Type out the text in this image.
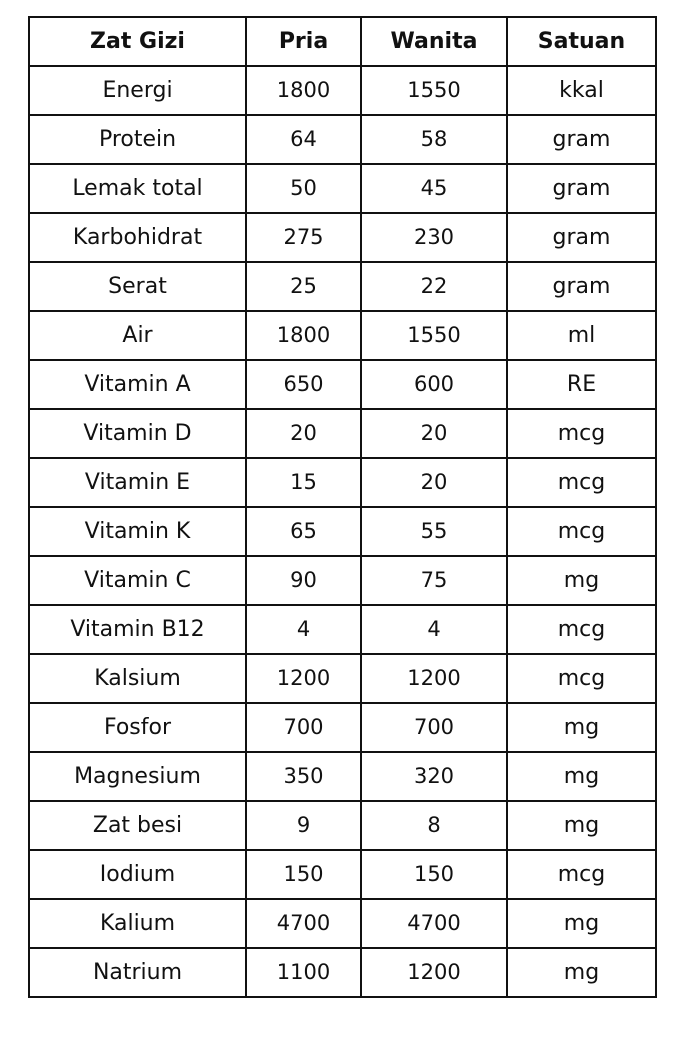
Zat Gizi	Pria	Wanita	Satuan
Energi	1800	1550	kkal
Protein	64	58	gram
Lemak total	50	45	gram
Karbohidrat	275	230	gram
Serat	25	22	gram
Air	1800	1550	ml
Vitamin A	650	600	RE
Vitamin D	20	20	mcg
Vitamin E	15	20	mcg
Vitamin K	65	55	mcg
Vitamin C	90	75	mg
Vitamin B12	4	4	mcg
Kalsium	1200	1200	mcg
Fosfor	700	700	mg
Magnesium	350	320	mg
Zat besi	9	8	mg
Iodium	150	150	mcg
Kalium	4700	4700	mg
Natrium	1100	1200	mg
